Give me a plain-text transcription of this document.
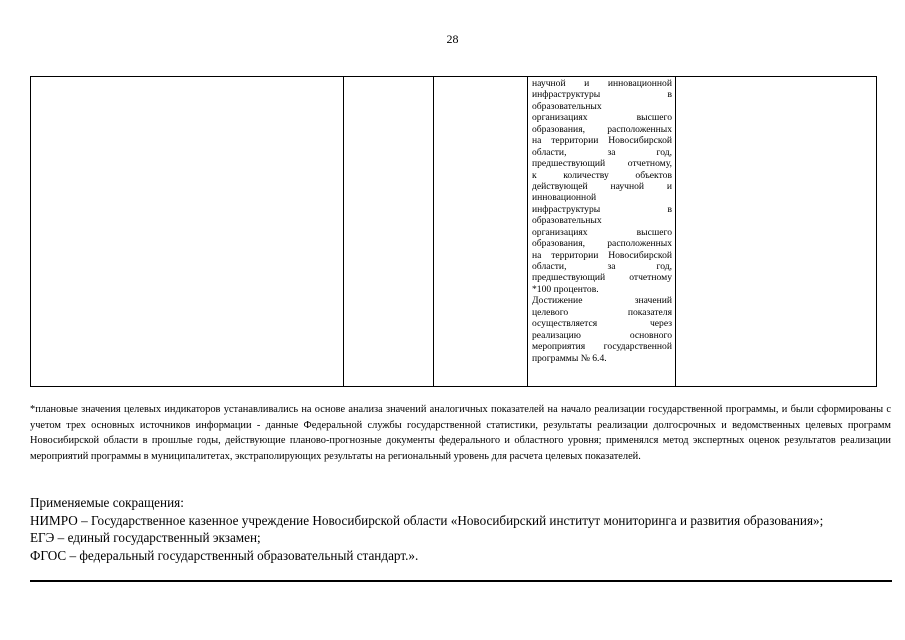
28

научной и инновационной
инфраструктуры в
образовательных
организациях высшего
образования, расположенных
на территории Новосибирской
области, за год,
предшествующий отчетному,
к количеству объектов
действующей научной и
инновационной
инфраструктуры в
образовательных
организациях высшего
образования, расположенных
на территории Новосибирской
области, за год,
предшествующий отчетному
*100 процентов.
Достижение значений
целевого показателя
осуществляется через
реализацию основного
мероприятия государственной
программы № 6.4.

*плановые значения целевых индикаторов устанавливались на основе анализа значений аналогичных показателей на начало реализации государственной программы, и были сформированы с учетом трех основных источников информации - данные Федеральной службы государственной статистики, результаты реализации долгосрочных и ведомственных целевых программ Новосибирской области в прошлые годы, действующие планово-прогнозные документы федерального и областного уровня; применялся метод экспертных оценок результатов реализации мероприятий программы в муниципалитетах, экстраполирующих результаты на региональный уровень для расчета целевых показателей.
Применяемые сокращения:
НИМРО – Государственное казенное учреждение Новосибирской области «Новосибирский институт мониторинга и развития образования»;
ЕГЭ – единый государственный экзамен;
ФГОС – федеральный государственный образовательный стандарт.».
